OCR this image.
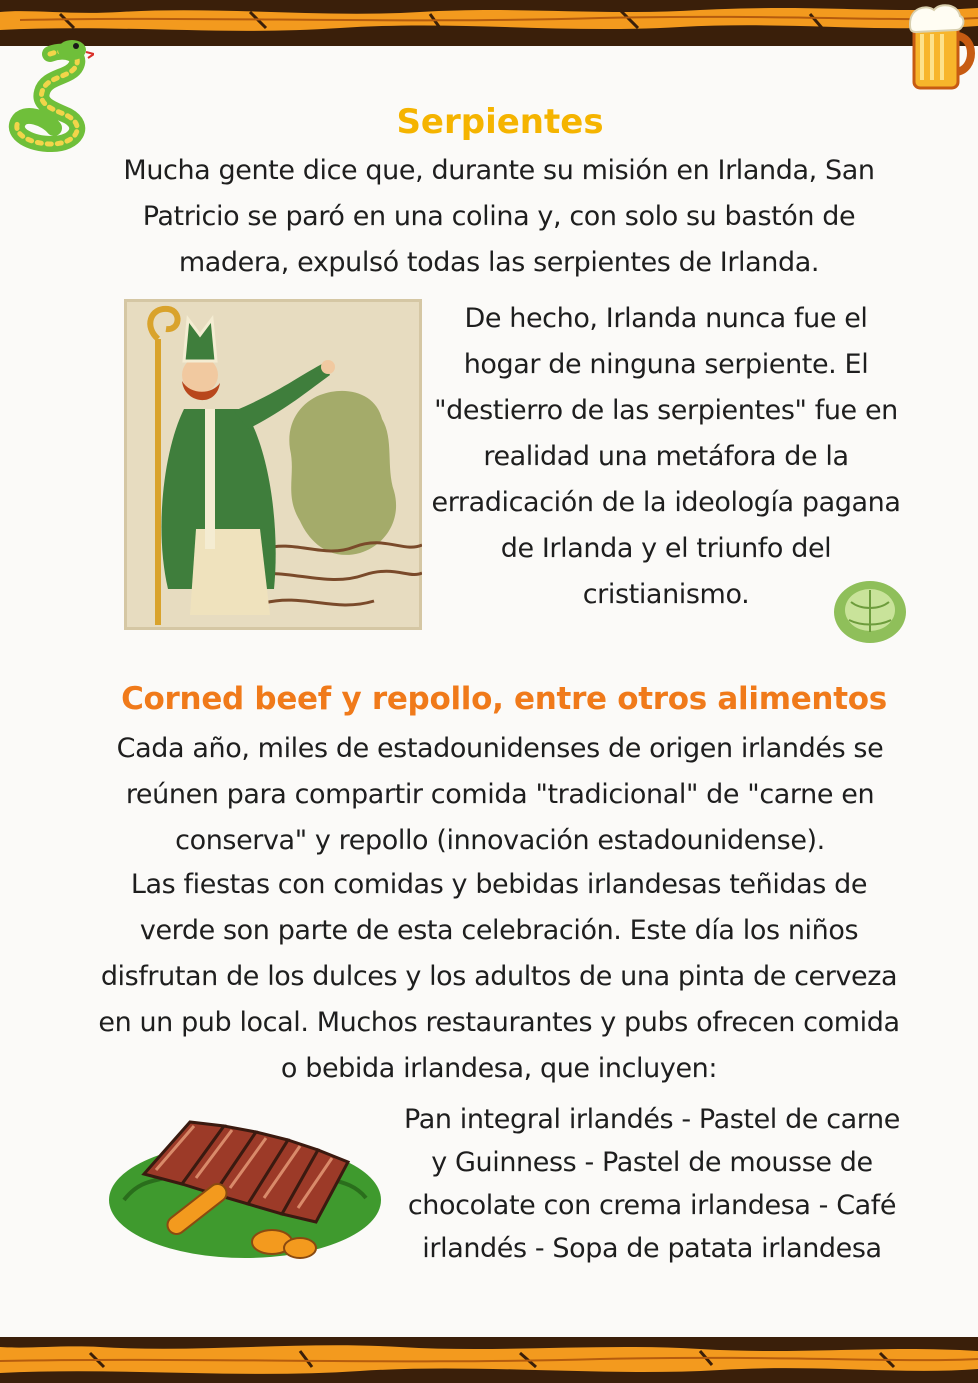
Serpientes

Mucha gente dice que, durante su misión en Irlanda, San Patricio se paró en una colina y, con solo su bastón de madera, expulsó todas las serpientes de Irlanda.

De hecho, Irlanda nunca fue el hogar de ninguna serpiente. El "destierro de las serpientes" fue en realidad una metáfora de la erradicación de la ideología pagana de Irlanda y el triunfo del cristianismo.

Corned beef y repollo, entre otros alimentos

Cada año, miles de estadounidenses de origen irlandés se reúnen para compartir comida "tradicional" de "carne en conserva" y repollo (innovación estadounidense).

Las fiestas con comidas y bebidas irlandesas teñidas de verde son parte de esta celebración. Este día los niños disfrutan de los dulces y los adultos de una pinta de cerveza en un pub local. Muchos restaurantes y pubs ofrecen comida o bebida irlandesa, que incluyen:

Pan integral irlandés - Pastel de carne y Guinness - Pastel de mousse de chocolate con crema irlandesa - Café irlandés - Sopa de patata irlandesa
